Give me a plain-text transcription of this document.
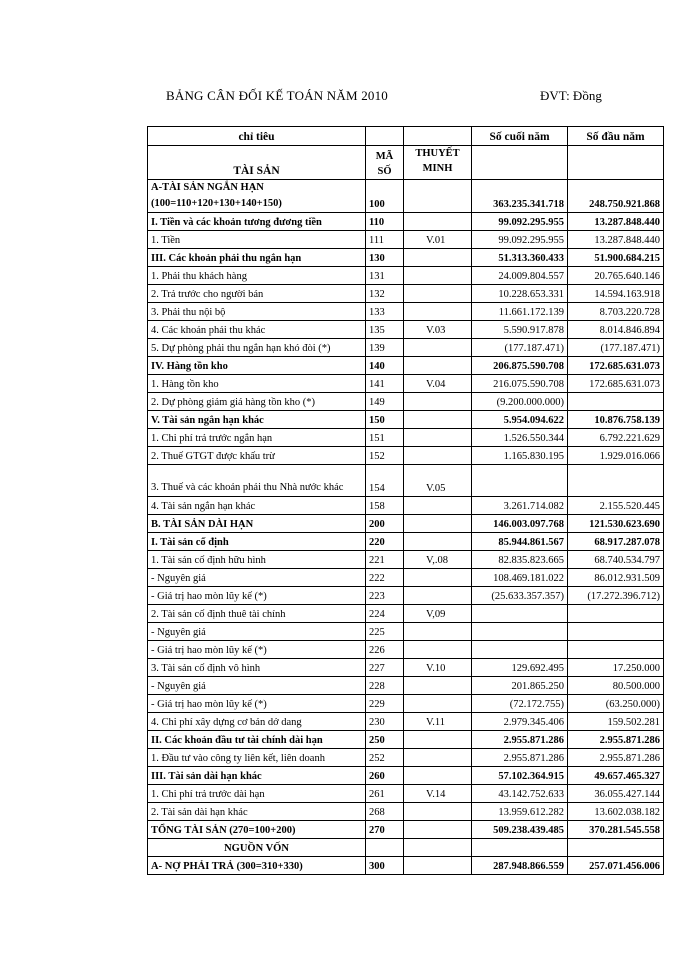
BẢNG CÂN ĐỐI KẾ TOÁN NĂM 2010	ĐVT: Đồng
chỉ tiêu			Số cuối năm	Số đầu năm
TÀI SẢN	MÃ SỐ	THUYẾT MINH		
A-TÀI SẢN NGẮN HẠN (100=110+120+130+140+150)	100		363.235.341.718	248.750.921.868
I. Tiền và các khoản tương đương tiền	110		99.092.295.955	13.287.848.440
1. Tiền	111	V.01	99.092.295.955	13.287.848.440
III. Các khoản phải thu ngắn hạn	130		51.313.360.433	51.900.684.215
1. Phải thu khách hàng	131		24.009.804.557	20.765.640.146
2. Trả trước cho người bán	132		10.228.653.331	14.594.163.918
3. Phải thu nội bộ	133		11.661.172.139	8.703.220.728
4. Các khoản phải thu khác	135	V.03	5.590.917.878	8.014.846.894
5. Dự phòng phải thu ngắn hạn khó đòi (*)	139		(177.187.471)	(177.187.471)
IV. Hàng tồn kho	140		206.875.590.708	172.685.631.073
1. Hàng tồn kho	141	V.04	216.075.590.708	172.685.631.073
2. Dự phòng giảm giá hàng tồn kho (*)	149		(9.200.000.000)	
V. Tài sản ngắn hạn khác	150		5.954.094.622	10.876.758.139
1. Chi phí trả trước ngắn hạn	151		1.526.550.344	6.792.221.629
2. Thuế GTGT được khấu trừ	152		1.165.830.195	1.929.016.066
3. Thuế và các khoản phải thu Nhà nước khác	154	V.05		
4. Tài sản ngắn hạn khác	158		3.261.714.082	2.155.520.445
B. TÀI SẢN DÀI HẠN	200		146.003.097.768	121.530.623.690
I. Tài sản cố định	220		85.944.861.567	68.917.287.078
1. Tài sản cố định hữu hình	221	V,.08	82.835.823.665	68.740.534.797
- Nguyên giá	222		108.469.181.022	86.012.931.509
- Giá trị hao mòn lũy kế (*)	223		(25.633.357.357)	(17.272.396.712)
2. Tài sản cố định thuê tài chính	224	V,09		
- Nguyên giá	225			
- Giá trị hao mòn lũy kế (*)	226			
3. Tài sản cố định vô hình	227	V.10	129.692.495	17.250.000
- Nguyên giá	228		201.865.250	80.500.000
- Giá trị hao mòn lũy kế (*)	229		(72.172.755)	(63.250.000)
4. Chi phí xây dựng cơ bản dở dang	230	V.11	2.979.345.406	159.502.281
II. Các khoản đầu tư tài chính dài hạn	250		2.955.871.286	2.955.871.286
1. Đầu tư vào công ty liên kết, liên doanh	252		2.955.871.286	2.955.871.286
III. Tài sản dài hạn khác	260		57.102.364.915	49.657.465.327
1. Chi phí trả trước dài hạn	261	V.14	43.142.752.633	36.055.427.144
2. Tài sản dài hạn khác	268		13.959.612.282	13.602.038.182
TỔNG TÀI SẢN (270=100+200)	270		509.238.439.485	370.281.545.558
NGUỒN VỐN				
A- NỢ PHẢI TRẢ (300=310+330)	300		287.948.866.559	257.071.456.006
